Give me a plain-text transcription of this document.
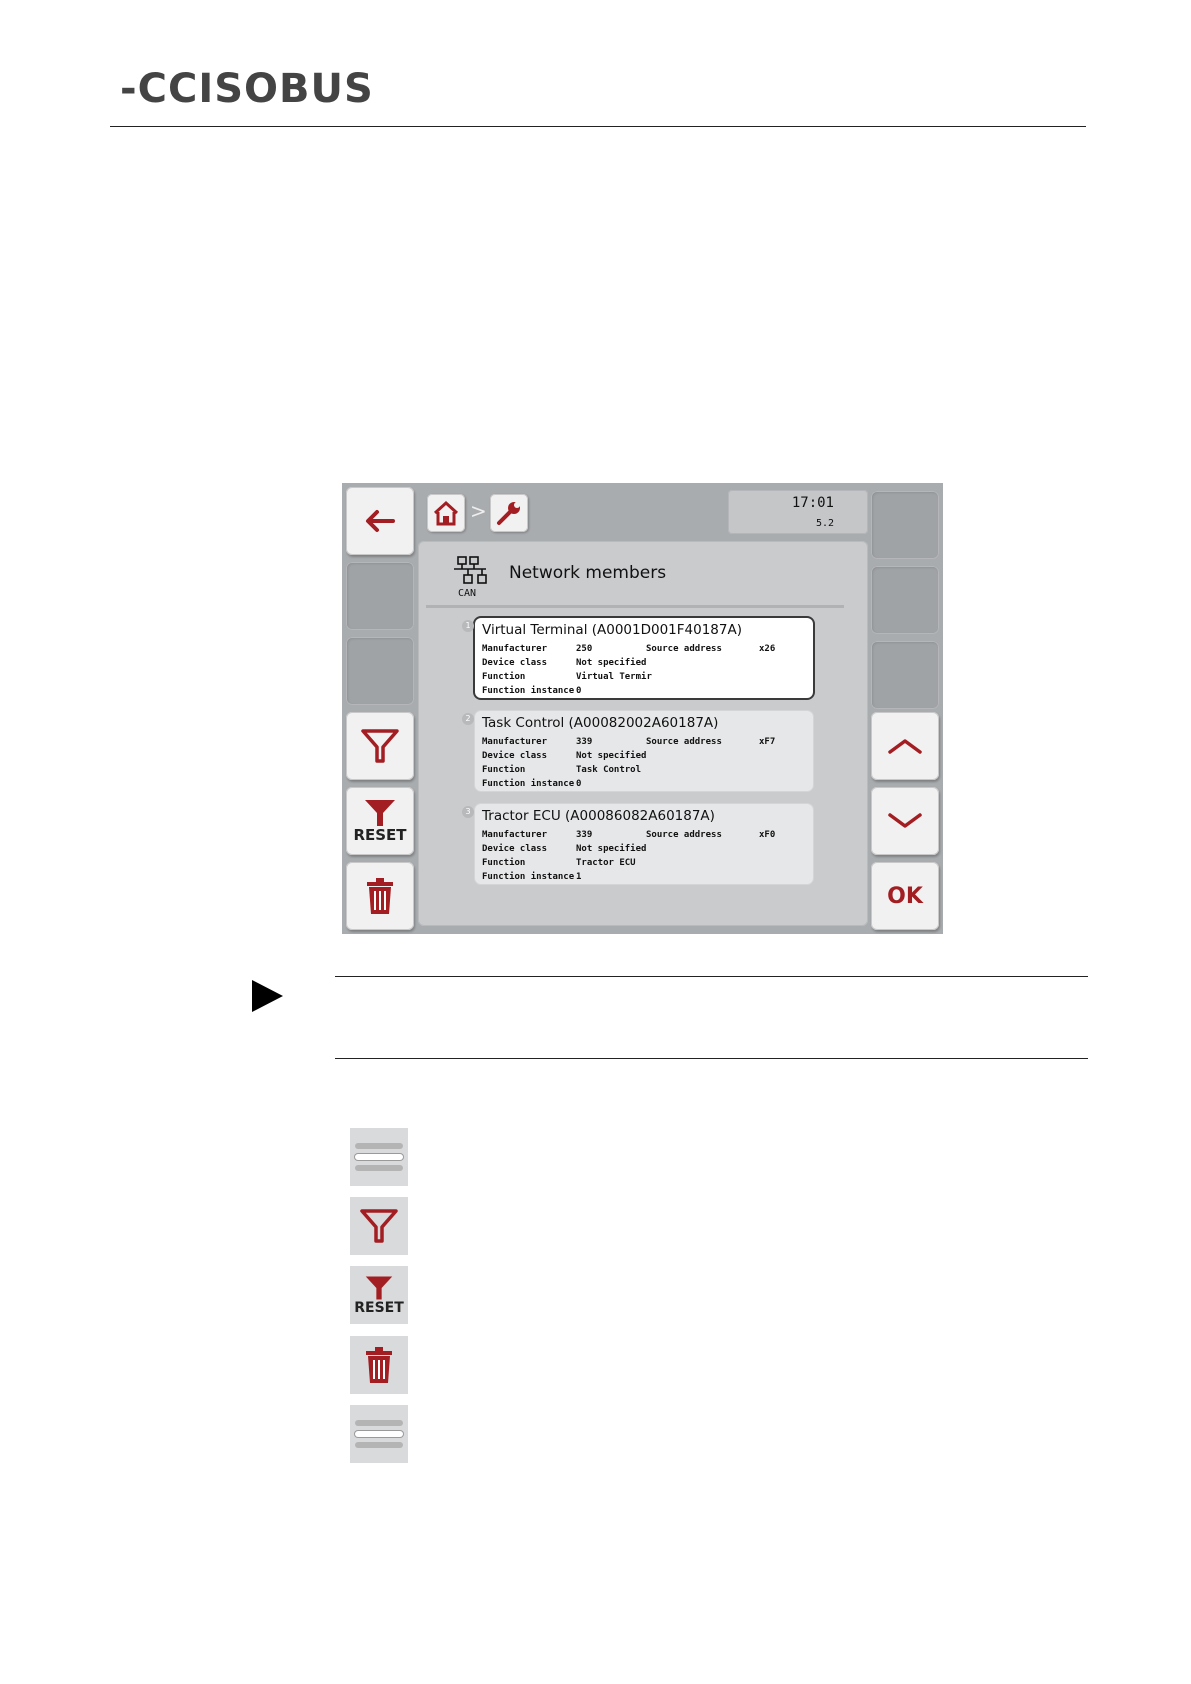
-CCISOBUS
RESET
>	17:01
5.2
OK
CAN
Network members
1 Virtual Terminal (A0001D001F40187A)
Manufacturer	250	Source address	x26
Device class	Not specified
Function	Virtual Termir
Function instance 0
2 Task Control (A00082002A60187A)
Manufacturer	339	Source address	xF7
Device class	Not specified
Function	Task Control
Function instance 0
3 Tractor ECU (A00086082A60187A)
Manufacturer	339	Source address	xF0
Device class	Not specified
Function	Tractor ECU
Function instance 1
RESET
